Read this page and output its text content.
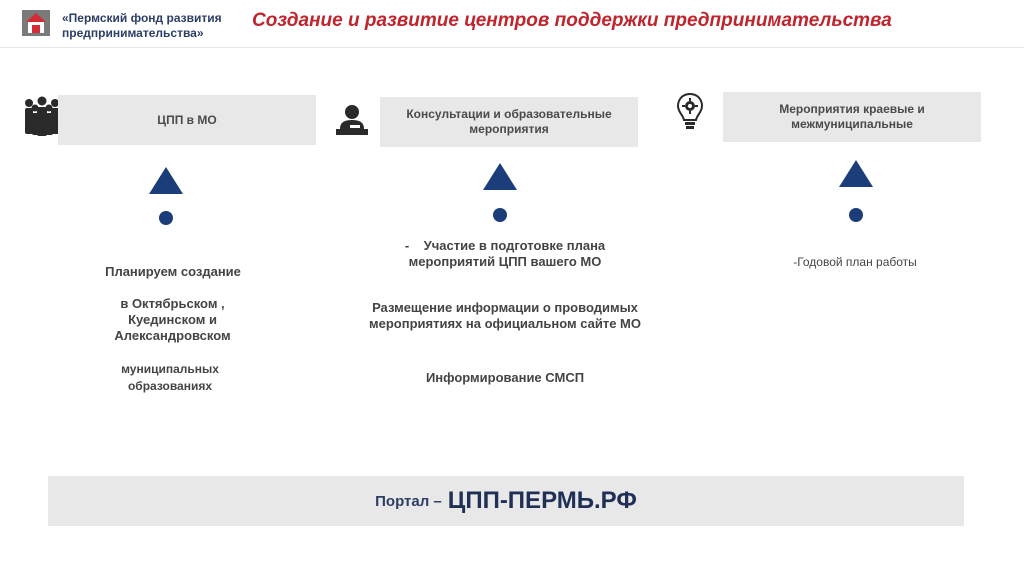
«Пермский фонд развития предпринимательства»
Создание и развитие центров поддержки предпринимательства
ЦПП в МО
Планируем создание
в Октябрьском , Куединском и Александровском
муниципальных образованиях
Консультации и образовательные мероприятия
- Участие в подготовке плана
мероприятий ЦПП вашего МО
Размещение информации о проводимых мероприятиях на официальном сайте МО
Информирование СМСП
Мероприятия краевые и межмуниципальные
-Годовой план работы
Портал – ЦПП-ПЕРМЬ.РФ
